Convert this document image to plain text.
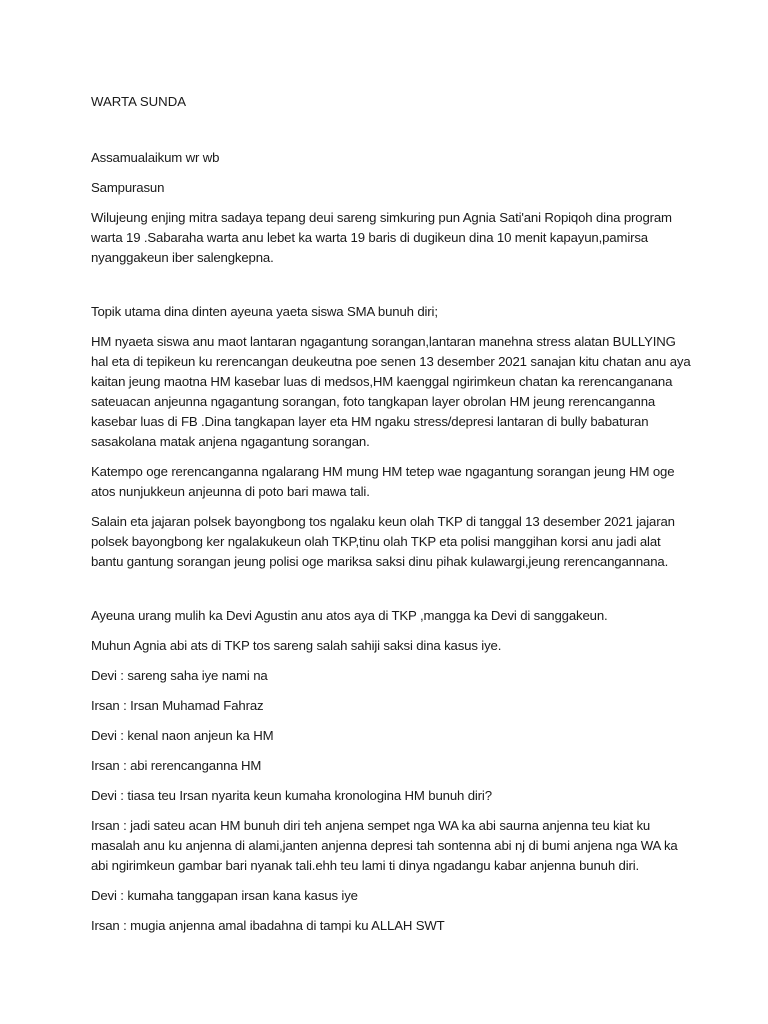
WARTA SUNDA

Assamualaikum wr wb

Sampurasun

Wilujeung enjing mitra sadaya tepang deui sareng simkuring pun Agnia Sati'ani Ropiqoh dina program warta 19 .Sabaraha warta anu lebet ka warta 19 baris di dugikeun dina 10 menit kapayun,pamirsa nyanggakeun iber salengkepna.

Topik utama dina dinten ayeuna yaeta siswa SMA bunuh diri;

HM nyaeta siswa anu maot lantaran ngagantung sorangan,lantaran manehna stress alatan BULLYING hal eta di tepikeun ku rerencangan deukeutna poe senen 13 desember 2021 sanajan kitu chatan anu aya kaitan jeung maotna HM kasebar luas di medsos,HM kaenggal ngirimkeun chatan ka rerencanganana sateuacan anjeunna ngagantung sorangan, foto tangkapan layer obrolan HM jeung rerencanganna kasebar luas di FB .Dina tangkapan layer eta HM ngaku stress/depresi lantaran di bully babaturan sasakolana matak anjena ngagantung sorangan.

Katempo oge rerencanganna ngalarang HM mung HM tetep wae ngagantung sorangan jeung HM oge atos nunjukkeun anjeunna di poto bari mawa tali.

Salain eta jajaran polsek bayongbong tos ngalaku keun olah TKP di tanggal 13 desember 2021 jajaran polsek bayongbong ker ngalakukeun olah TKP,tinu olah TKP eta polisi manggihan korsi anu jadi alat bantu gantung sorangan jeung polisi oge mariksa saksi dinu pihak kulawargi,jeung rerencangannana.

Ayeuna urang mulih ka Devi Agustin anu atos aya di TKP ,mangga ka Devi di sanggakeun.

Muhun Agnia abi ats di TKP tos sareng salah sahiji saksi dina kasus iye.

Devi : sareng saha iye nami na

Irsan : Irsan Muhamad Fahraz

Devi : kenal naon anjeun ka HM

Irsan : abi rerencanganna HM

Devi : tiasa teu Irsan nyarita keun kumaha kronologina HM bunuh diri?

Irsan : jadi sateu acan HM bunuh diri teh anjena sempet nga WA ka abi saurna anjenna teu kiat ku masalah anu ku anjenna di alami,janten anjenna depresi tah sontenna abi nj di bumi anjena nga WA ka abi ngirimkeun gambar bari nyanak tali.ehh teu lami ti dinya ngadangu kabar anjenna bunuh diri.

Devi : kumaha tanggapan irsan kana kasus iye

Irsan : mugia anjenna amal ibadahna di tampi ku ALLAH SWT
